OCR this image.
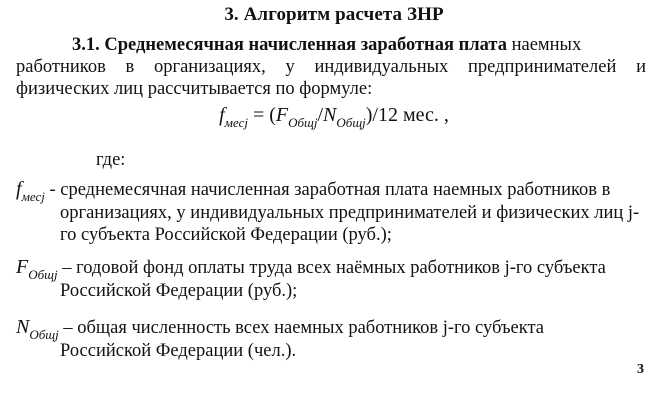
3. Алгоритм расчета ЗНР
3.1. Среднемесячная начисленная заработная плата наемных
работников в организациях, у индивидуальных предпринимателей и
физических лиц рассчитывается по формуле:
$f_{месj} = (F_{Общj}/N_{Общj})/12$ мес. ,
где:
$f_{месj}$ - среднемесячная начисленная заработная плата наемных работников в
организациях, у индивидуальных предпринимателей и физических лиц j-го субъекта Российской Федерации (руб.);
$F_{Общj}$ – годовой фонд оплаты труда всех наёмных работников j-го субъекта
Российской Федерации (руб.);
$N_{Общj}$ – общая численность всех наемных работников j-го субъекта
Российской Федерации (чел.).
3
